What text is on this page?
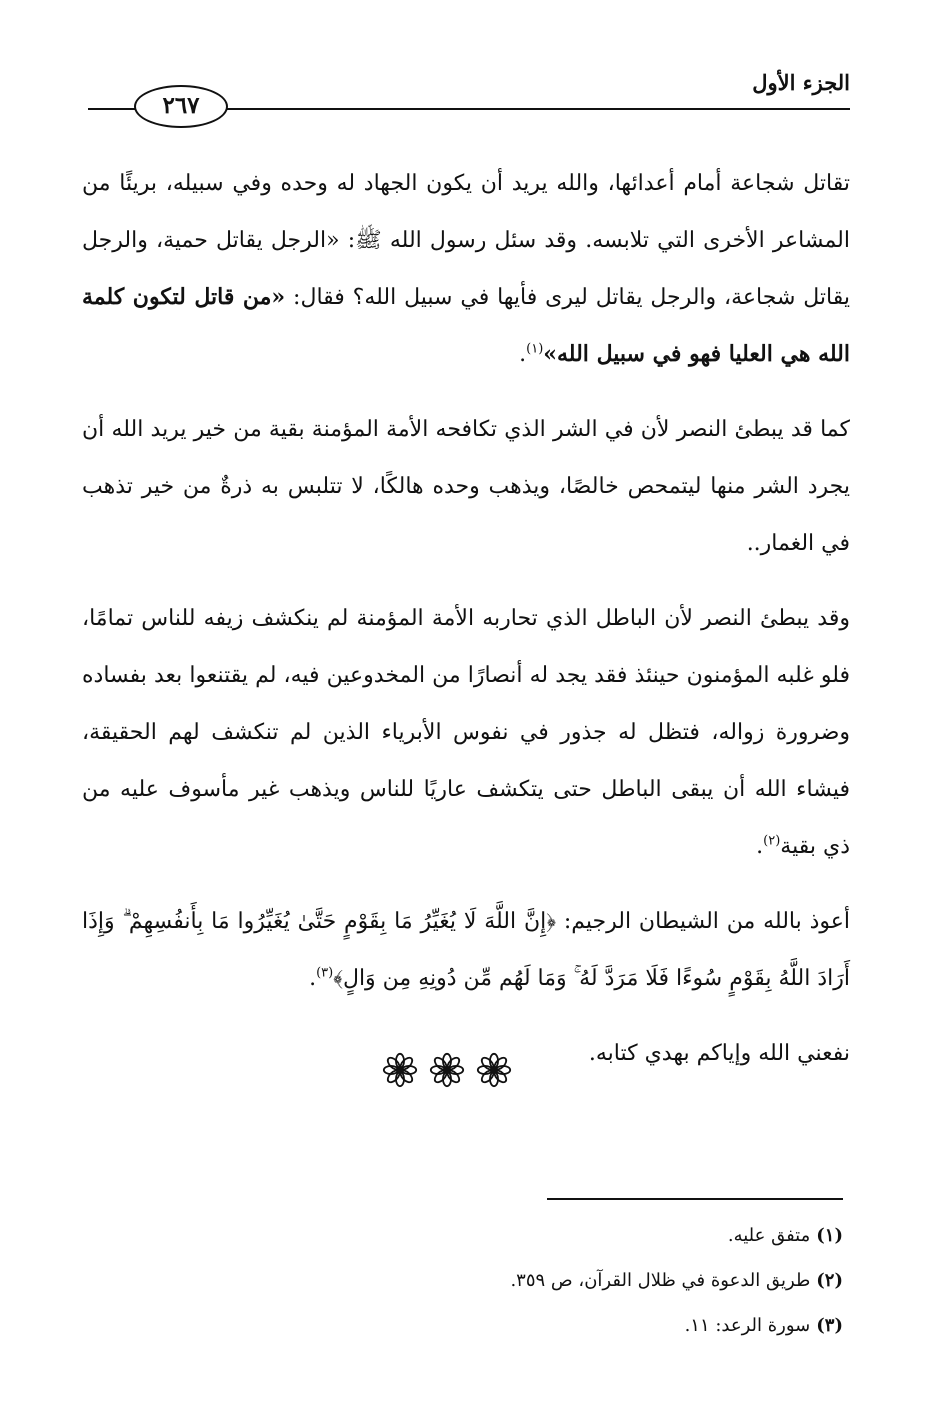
الجزء الأول
٢٦٧

تقاتل شجاعة أمام أعدائها، والله يريد أن يكون الجهاد له وحده وفي سبيله، بريئًا من المشاعر الأخرى التي تلابسه. وقد سئل رسول الله ﷺ: «الرجل يقاتل حمية، والرجل يقاتل شجاعة، والرجل يقاتل ليرى فأيها في سبيل الله؟ فقال: «من قاتل لتكون كلمة الله هي العليا فهو في سبيل الله»$^{(١)}$.

كما قد يبطئ النصر لأن في الشر الذي تكافحه الأمة المؤمنة بقية من خير يريد الله أن يجرد الشر منها ليتمحص خالصًا، ويذهب وحده هالكًا، لا تتلبس به ذرةٌ من خير تذهب في الغمار..

وقد يبطئ النصر لأن الباطل الذي تحاربه الأمة المؤمنة لم ينكشف زيفه للناس تمامًا، فلو غلبه المؤمنون حينئذ فقد يجد له أنصارًا من المخدوعين فيه، لم يقتنعوا بعد بفساده وضرورة زواله، فتظل له جذور في نفوس الأبرياء الذين لم تنكشف لهم الحقيقة، فيشاء الله أن يبقى الباطل حتى يتكشف عاريًا للناس ويذهب غير مأسوف عليه من ذي بقية$^{(٢)}$.

أعوذ بالله من الشيطان الرجيم: ﴿إِنَّ اللَّهَ لَا يُغَيِّرُ مَا بِقَوْمٍ حَتَّىٰ يُغَيِّرُوا مَا بِأَنفُسِهِمْ ۗ وَإِذَا أَرَادَ اللَّهُ بِقَوْمٍ سُوءًا فَلَا مَرَدَّ لَهُ ۚ وَمَا لَهُم مِّن دُونِهِ مِن وَالٍ﴾$^{(٣)}$.

نفعني الله وإياكم بهدي كتابه.

(١)متفق عليه.

(٢)طريق الدعوة في ظلال القرآن، ص ٣٥٩.

(٣)سورة الرعد: ١١.
